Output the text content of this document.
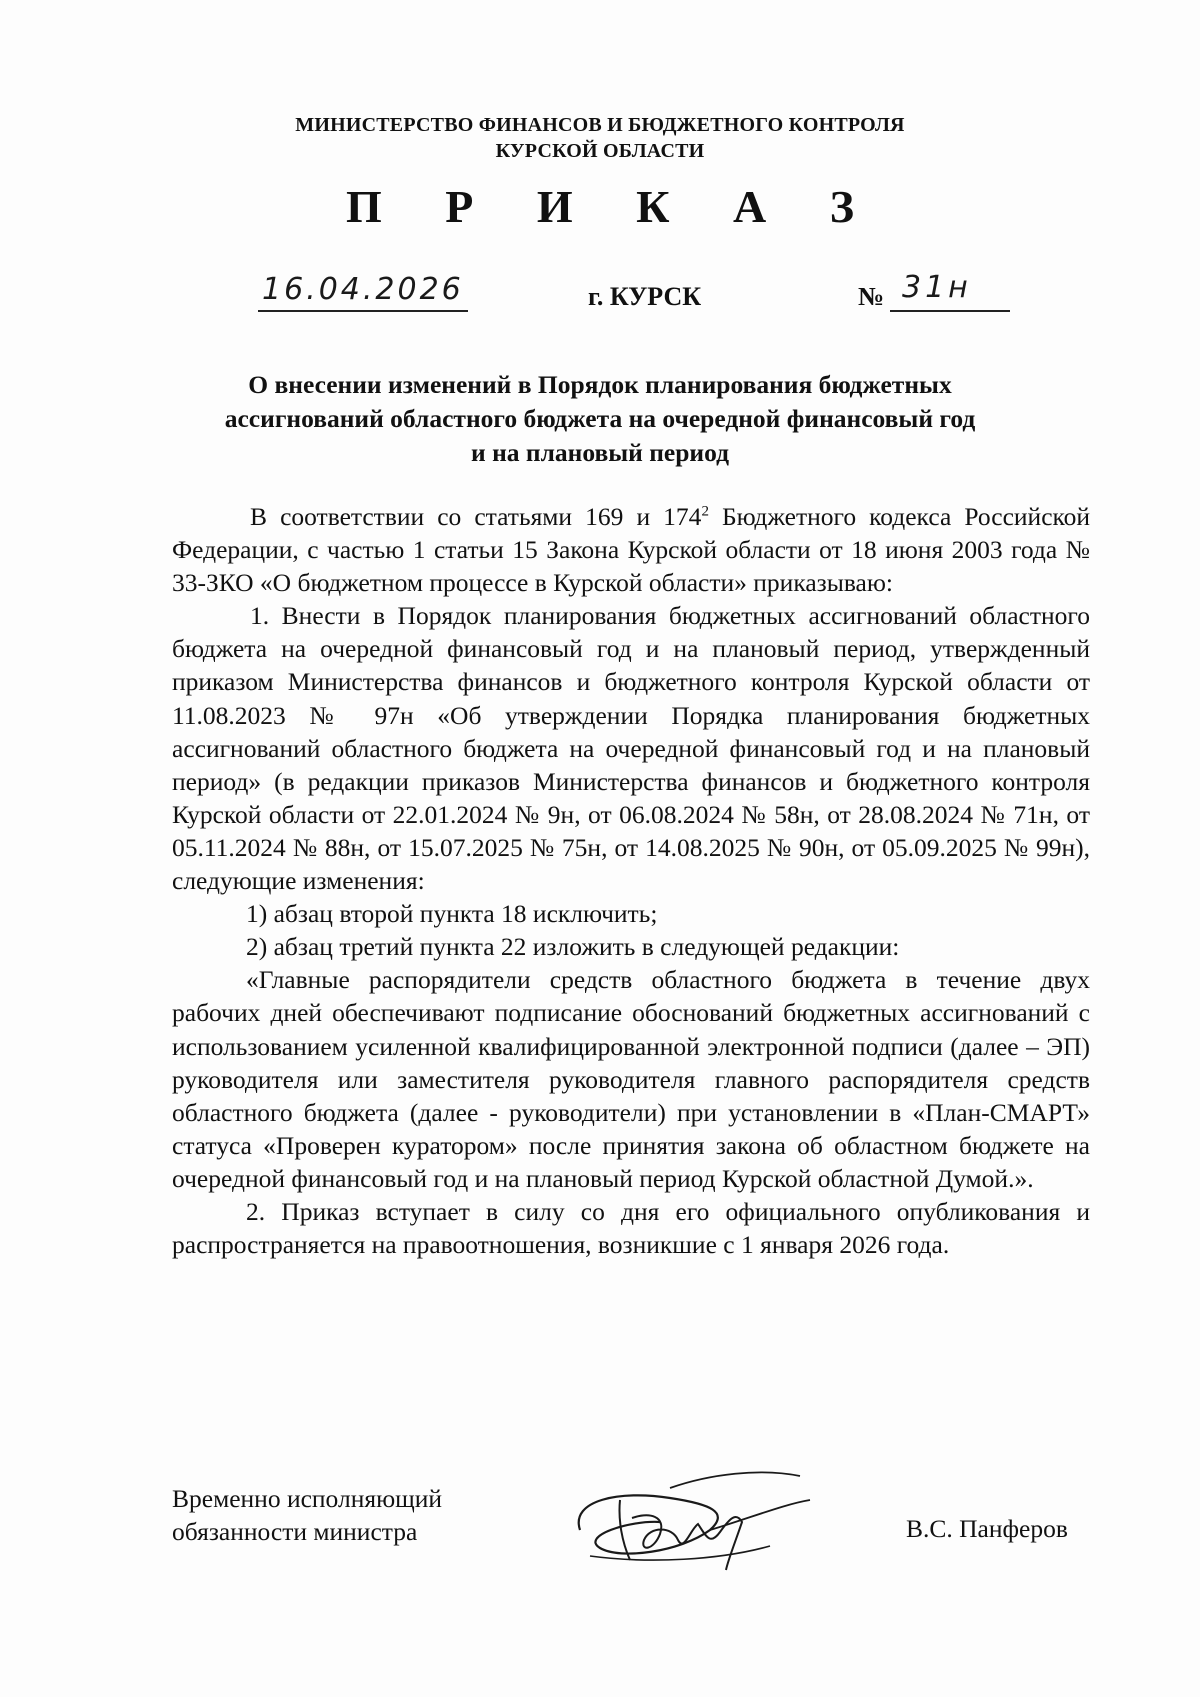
МИНИСТЕРСТВО ФИНАНСОВ И БЮДЖЕТНОГО КОНТРОЛЯ
КУРСКОЙ ОБЛАСТИ
П Р И К А З
16.04.2026	г. КУРСК	№ 31н
О внесении изменений в Порядок планирования бюджетных
ассигнований областного бюджета на очередной финансовый год
и на плановый период

В соответствии со статьями 169 и $174^2$ Бюджетного кодекса Российской Федерации, с частью 1 статьи 15 Закона Курской области от 18 июня 2003 года № 33-ЗКО «О бюджетном процессе в Курской области» приказываю:

1. Внести в Порядок планирования бюджетных ассигнований областного бюджета на очередной финансовый год и на плановый период, утвержденный приказом Министерства финансов и бюджетного контроля Курской области от 11.08.2023 № 97н «Об утверждении Порядка планирования бюджетных ассигнований областного бюджета на очередной финансовый год и на плановый период» (в редакции приказов Министерства финансов и бюджетного контроля Курской области от 22.01.2024 № 9н, от 06.08.2024 № 58н, от 28.08.2024 № 71н, от 05.11.2024 № 88н, от 15.07.2025 № 75н, от 14.08.2025 № 90н, от 05.09.2025 № 99н), следующие изменения:

1) абзац второй пункта 18 исключить;

2) абзац третий пункта 22 изложить в следующей редакции:

«Главные распорядители средств областного бюджета в течение двух рабочих дней обеспечивают подписание обоснований бюджетных ассигнований с использованием усиленной квалифицированной электронной подписи (далее – ЭП) руководителя или заместителя руководителя главного распорядителя средств областного бюджета (далее - руководители) при установлении в «План-СМАРТ» статуса «Проверен куратором» после принятия закона об областном бюджете на очередной финансовый год и на плановый период Курской областной Думой.».

2. Приказ вступает в силу со дня его официального опубликования и распространяется на правоотношения, возникшие с 1 января 2026 года.

Временно исполняющий
обязанности министра	В.С. Панферов
